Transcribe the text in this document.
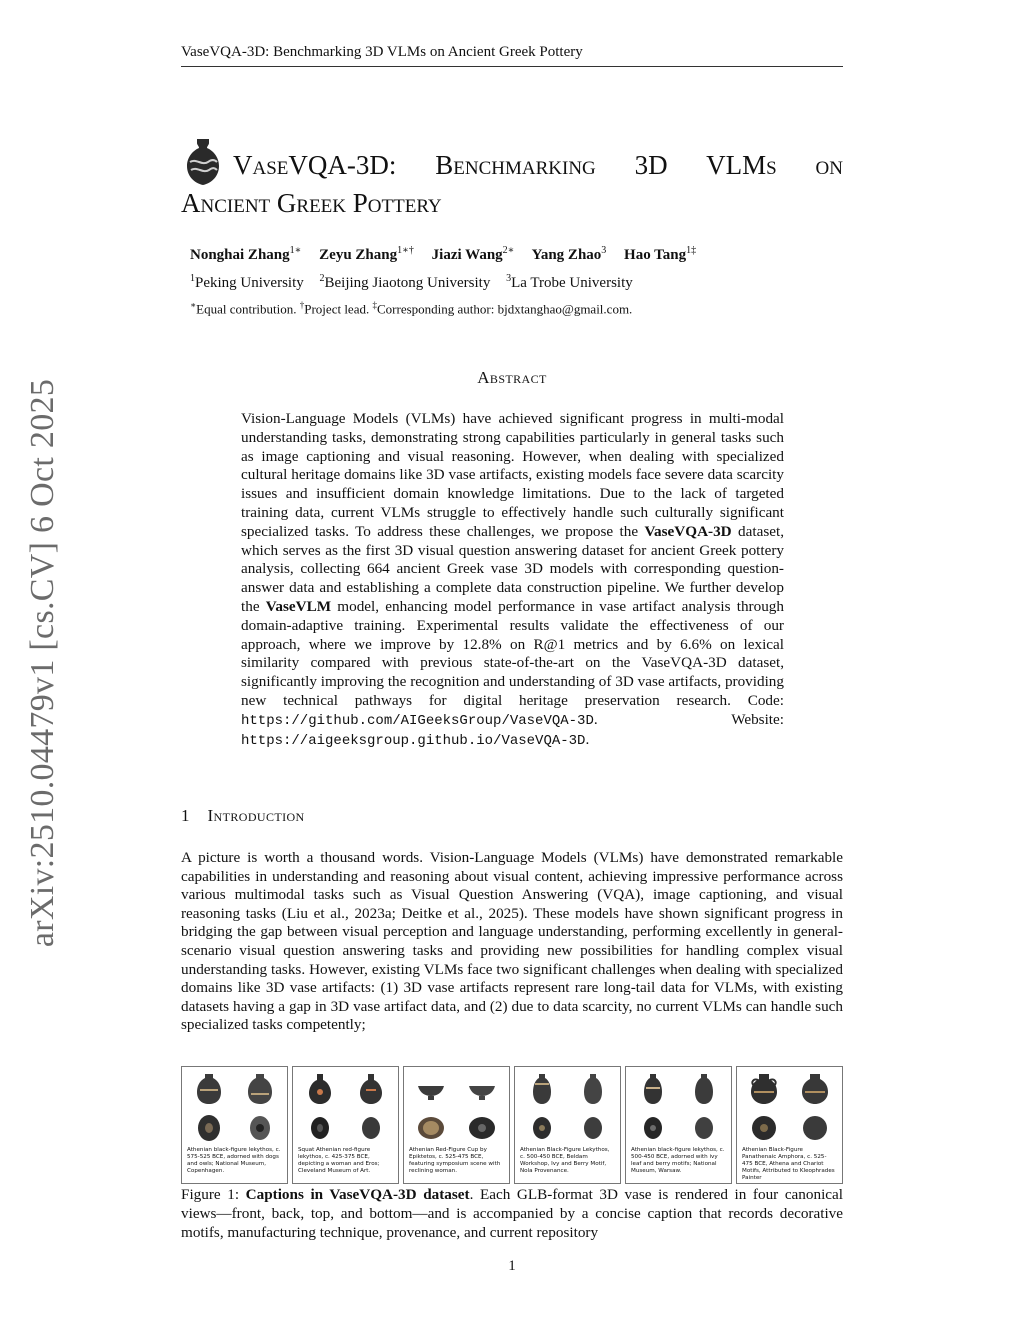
VaseVQA-3D: Benchmarking 3D VLMs on Ancient Greek Pottery
arXiv:2510.04479v1 [cs.CV] 6 Oct 2025
VaseVQA-3D: Benchmarking 3D VLMs on
Ancient Greek Pottery
Nonghai Zhang$^{1∗}$ Zeyu Zhang$^{1∗\dagger}$ Jiazi Wang$^{2∗}$ Yang Zhao$^3$ Hao Tang$^{1\ddagger}$
$^1$Peking University $^2$Beijing Jiaotong University $^3$La Trobe University
∗Equal contribution. †Project lead. ‡Corresponding author: bjdxtanghao@gmail.com.
Abstract
Vision-Language Models (VLMs) have achieved significant progress in multi-modal understanding tasks, demonstrating strong capabilities particularly in general tasks such as image captioning and visual reasoning. However, when dealing with specialized cultural heritage domains like 3D vase artifacts, existing models face severe data scarcity issues and insufficient domain knowledge limitations. Due to the lack of targeted training data, current VLMs struggle to effectively handle such culturally significant specialized tasks. To address these challenges, we propose the VaseVQA-3D dataset, which serves as the first 3D visual question answering dataset for ancient Greek pottery analysis, collecting 664 ancient Greek vase 3D models with corresponding question-answer data and establishing a complete data construction pipeline. We further develop the VaseVLM model, enhancing model performance in vase artifact analysis through domain-adaptive training. Experimental results validate the effectiveness of our approach, where we improve by 12.8% on R@1 metrics and by 6.6% on lexical similarity compared with previous state-of-the-art on the VaseVQA-3D dataset, significantly improving the recognition and understanding of 3D vase artifacts, providing new technical pathways for digital heritage preservation research. Code: https://github.com/AIGeeksGroup/VaseVQA-3D. Website: https://aigeeksgroup.github.io/VaseVQA-3D.
1 Introduction
A picture is worth a thousand words. Vision-Language Models (VLMs) have demonstrated remarkable capabilities in understanding and reasoning about visual content, achieving impressive performance across various multimodal tasks such as Visual Question Answering (VQA), image captioning, and visual reasoning tasks (Liu et al., 2023a; Deitke et al., 2025). These models have shown significant progress in bridging the gap between visual perception and language understanding, performing excellently in general-scenario visual question answering tasks and providing new possibilities for handling complex visual understanding tasks. However, existing VLMs face two significant challenges when dealing with specialized domains like 3D vase artifacts: (1) 3D vase artifacts represent rare long-tail data for VLMs, with existing datasets having a gap in 3D vase artifact data, and (2) due to data scarcity, no current VLMs can handle such specialized tasks competently;
Athenian black-figure lekythos, c. 575-525 BCE, adorned with dogs and owls; National Museum, Copenhagen.
Squat Athenian red-figure lekythos, c. 425-375 BCE, depicting a woman and Eros; Cleveland Museum of Art.
Athenian Red-Figure Cup by Epiktetos, c. 525-475 BCE, featuring symposium scene with reclining woman.
Athenian Black-Figure Lekythos, c. 500-450 BCE, Beldam Workshop, Ivy and Berry Motif, Nola Provenance.
Athenian black-figure lekythos, c. 500-450 BCE, adorned with ivy leaf and berry motifs; National Museum, Warsaw.
Athenian Black-Figure Panathenaic Amphora, c. 525-475 BCE, Athena and Chariot Motifs, Attributed to Kleophrades Painter
Figure 1: Captions in VaseVQA-3D dataset. Each GLB-format 3D vase is rendered in four canonical views—front, back, top, and bottom—and is accompanied by a concise caption that records decorative motifs, manufacturing technique, provenance, and current repository
1
